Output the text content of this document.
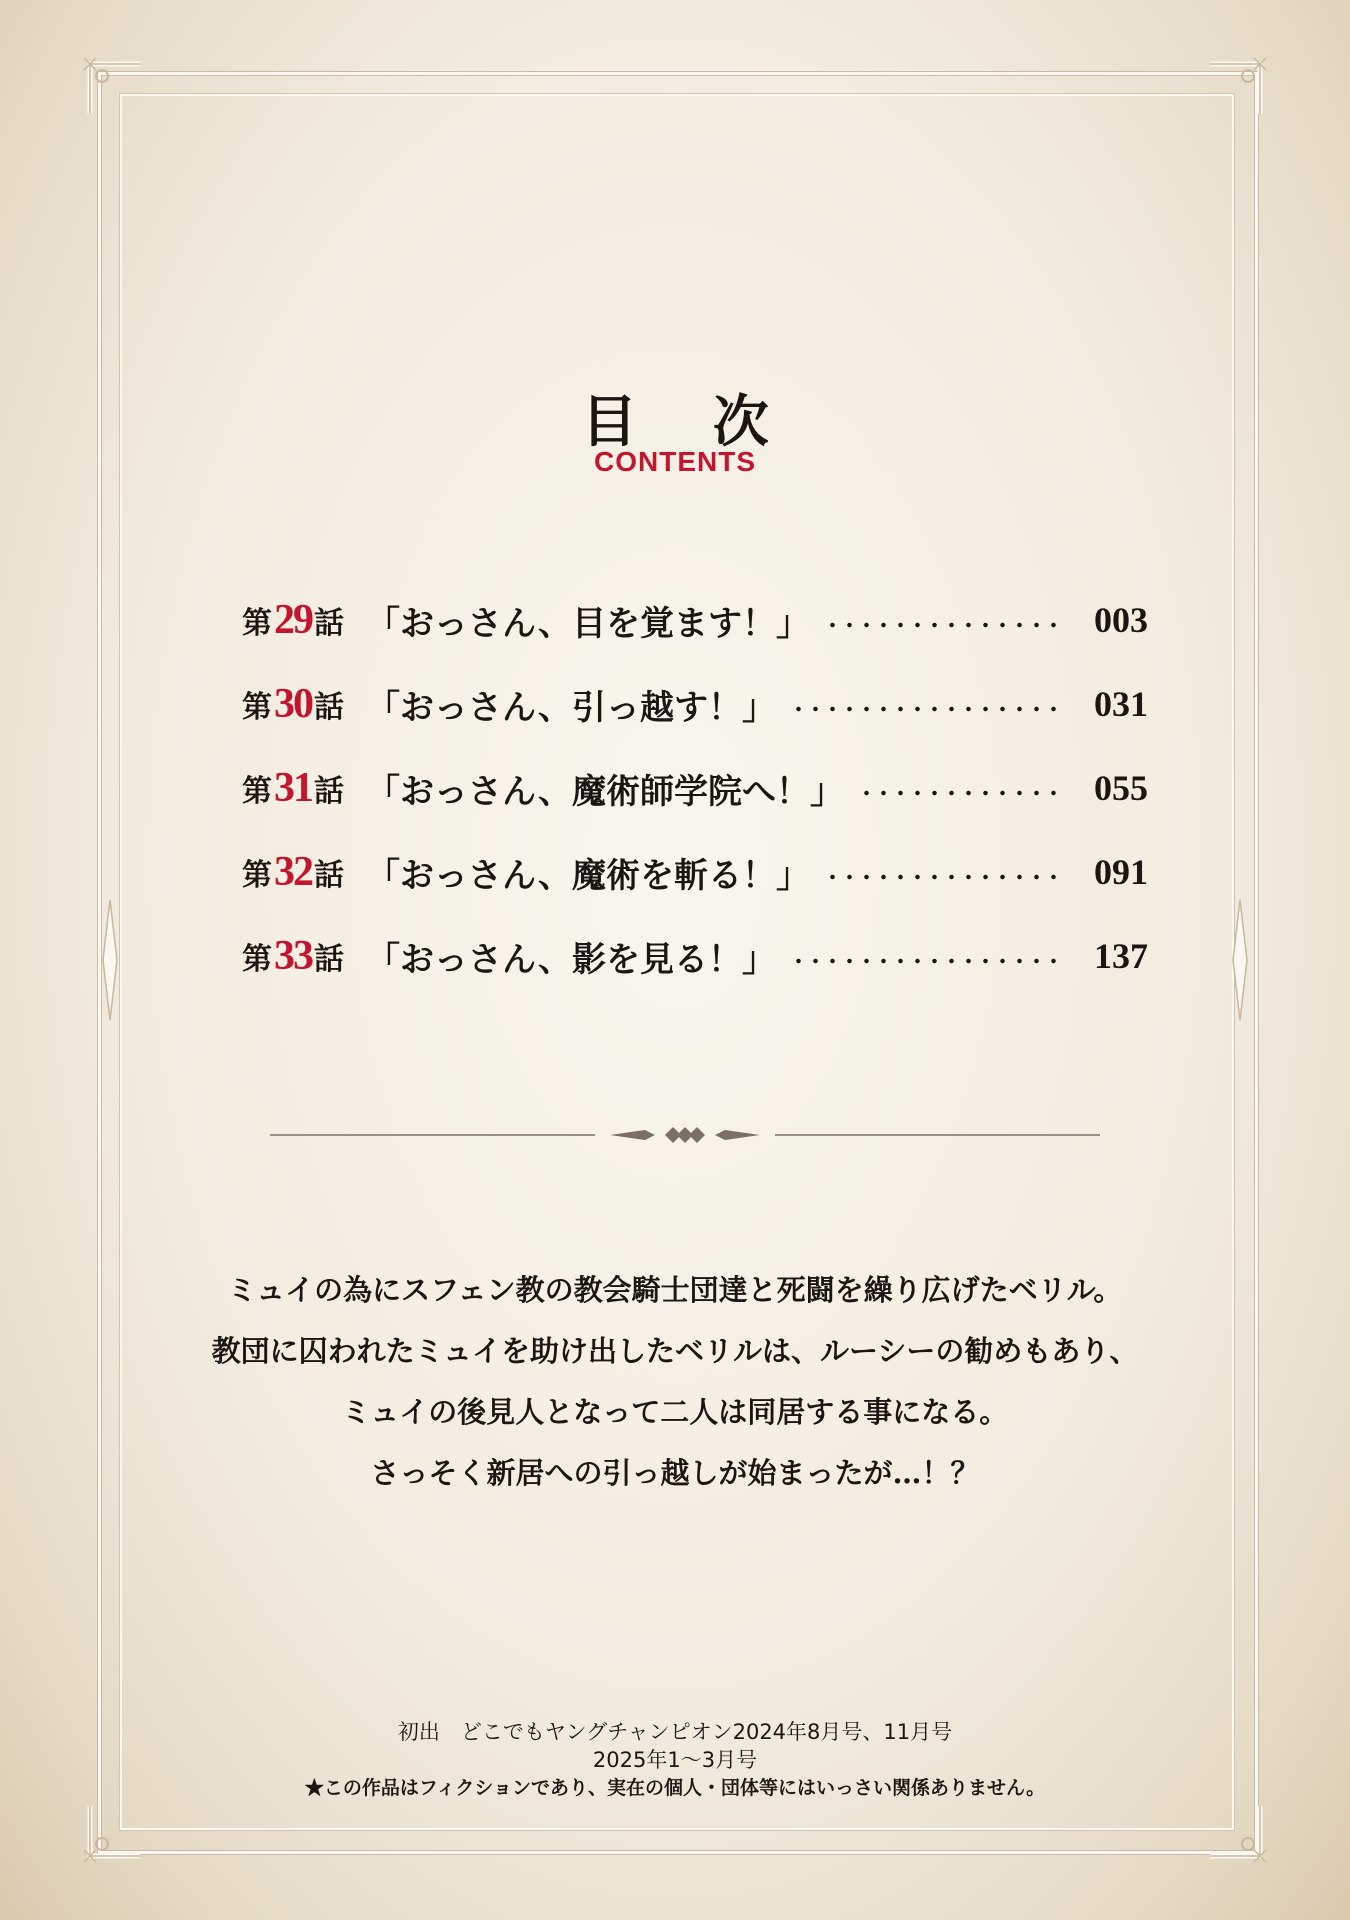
目 次
CONTENTS
第 29 話 「おっさん、目を覚ます！」	003
第 30 話 「おっさん、引っ越す！」	031
第 31 話 「おっさん、魔術師学院へ！」	055
第 32 話 「おっさん、魔術を斬る！」	091
第 33 話 「おっさん、影を見る！」	137

ミュイの為にスフェン教の教会騎士団達と死闘を繰り広げたベリル。

教団に囚われたミュイを助け出したベリルは、ルーシーの勧めもあり、

ミュイの後見人となって二人は同居する事になる。

さっそく新居への引っ越しが始まったが…！？

初出　どこでもヤングチャンピオン2024年8月号、11月号
2025年1～3月号
★この作品はフィクションであり、実在の個人・団体等にはいっさい関係ありません。
